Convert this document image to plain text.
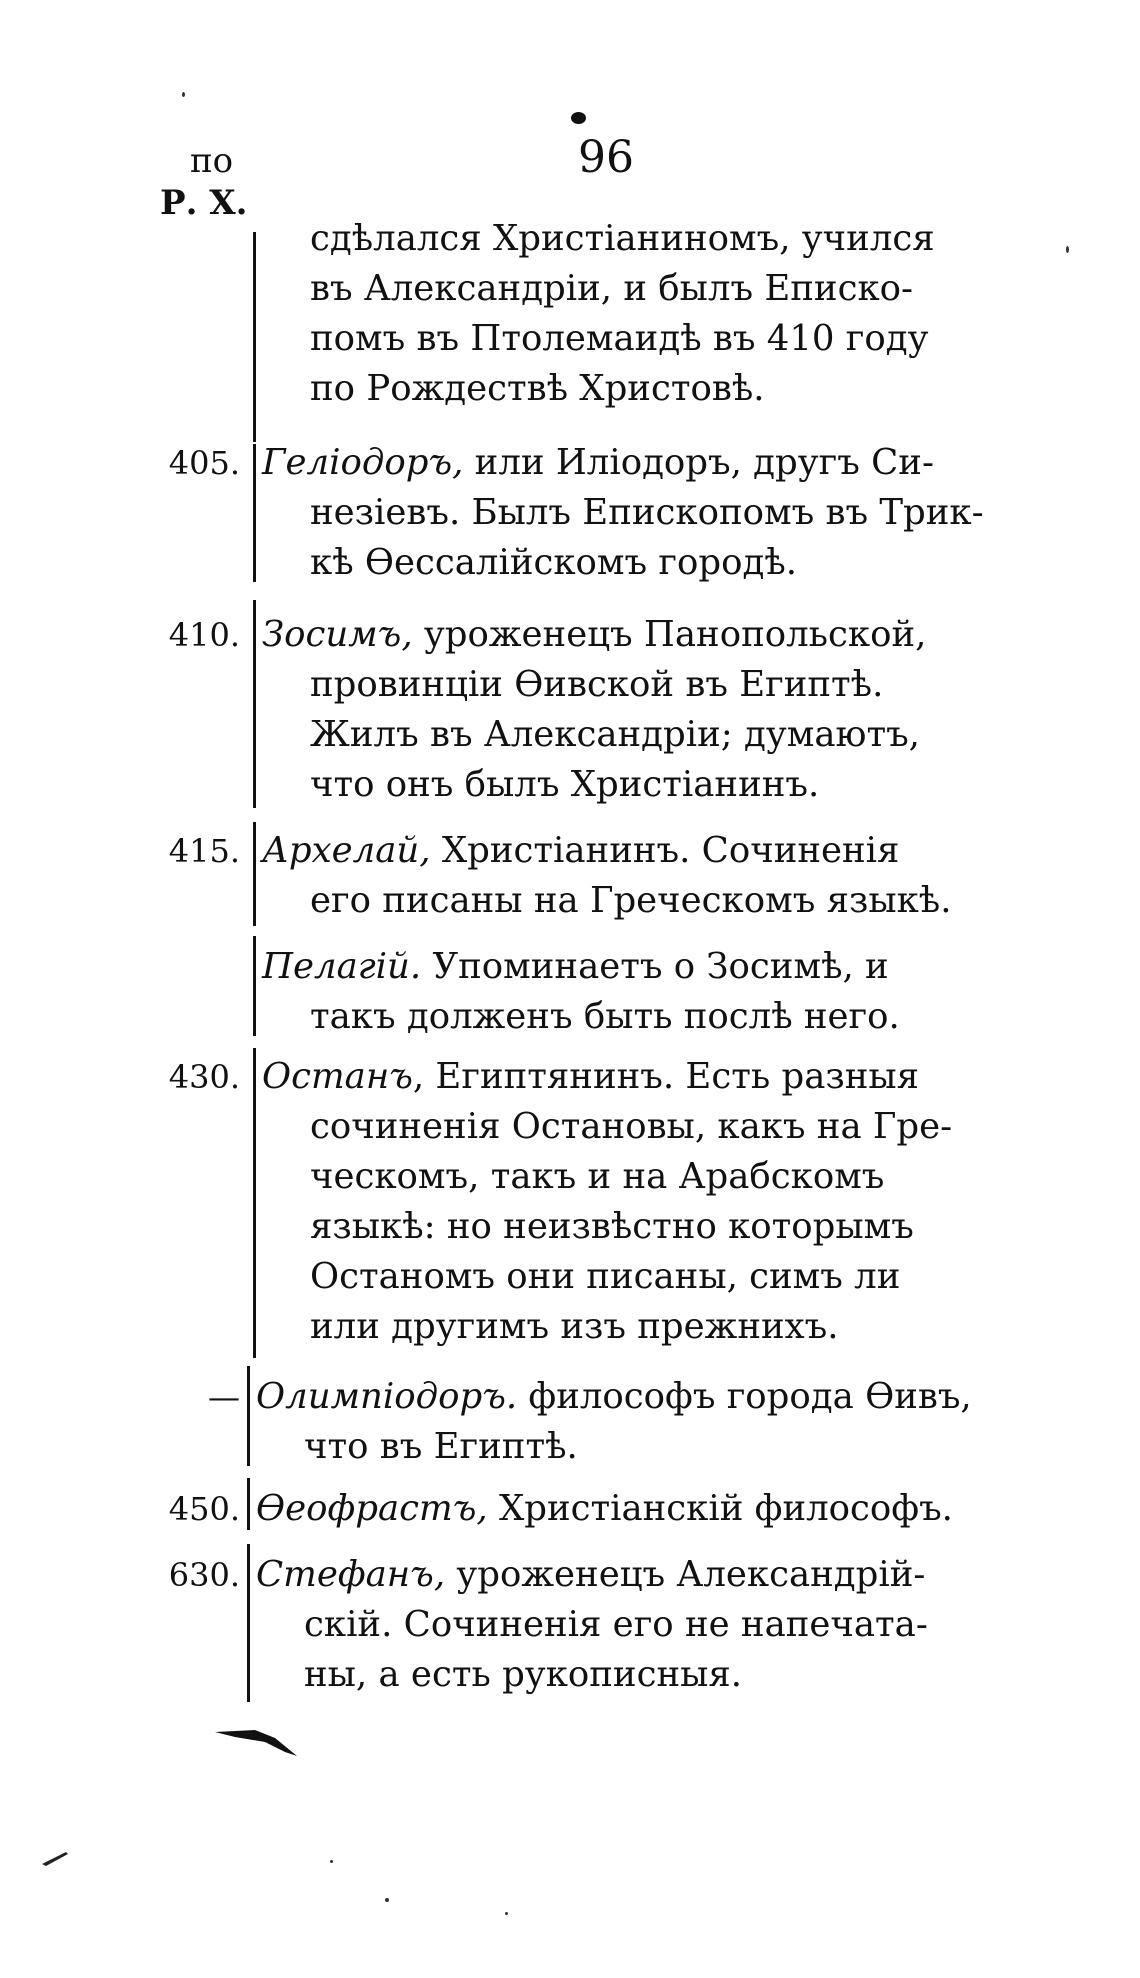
по
Р. Х.
96
сдѣлался Христіаниномъ, учился
въ Александріи, и былъ Еписко-
помъ въ Птолемаидѣ въ 410 году
по Рождествѣ Христовѣ.
405. Геліодоръ, или Иліодоръ, другъ Си-
незіевъ. Былъ Епископомъ въ Трик-
кѣ Ѳессалійскомъ городѣ.
410. Зосимъ, уроженецъ Панопольской,
провинціи Ѳивской въ Египтѣ.
Жилъ въ Александріи; думаютъ,
что онъ былъ Христіанинъ.
415. Архелай, Христіанинъ. Сочиненія
его писаны на Греческомъ языкѣ.
Пелагій. Упоминаетъ о Зосимѣ, и
такъ долженъ быть послѣ него.
430. Останъ, Египтянинъ. Есть разныя
сочиненія Остановы, какъ на Гре-
ческомъ, такъ и на Арабскомъ
языкѣ: но неизвѣстно которымъ
Останомъ они писаны, симъ ли
или другимъ изъ прежнихъ.
— Олимпіодоръ. философъ города Ѳивъ,
что въ Египтѣ.
450. Ѳеофрастъ, Христіанскій философъ.
630. Стефанъ, уроженецъ Александрій-
скій. Сочиненія его не напечата-
ны, а есть рукописныя.
